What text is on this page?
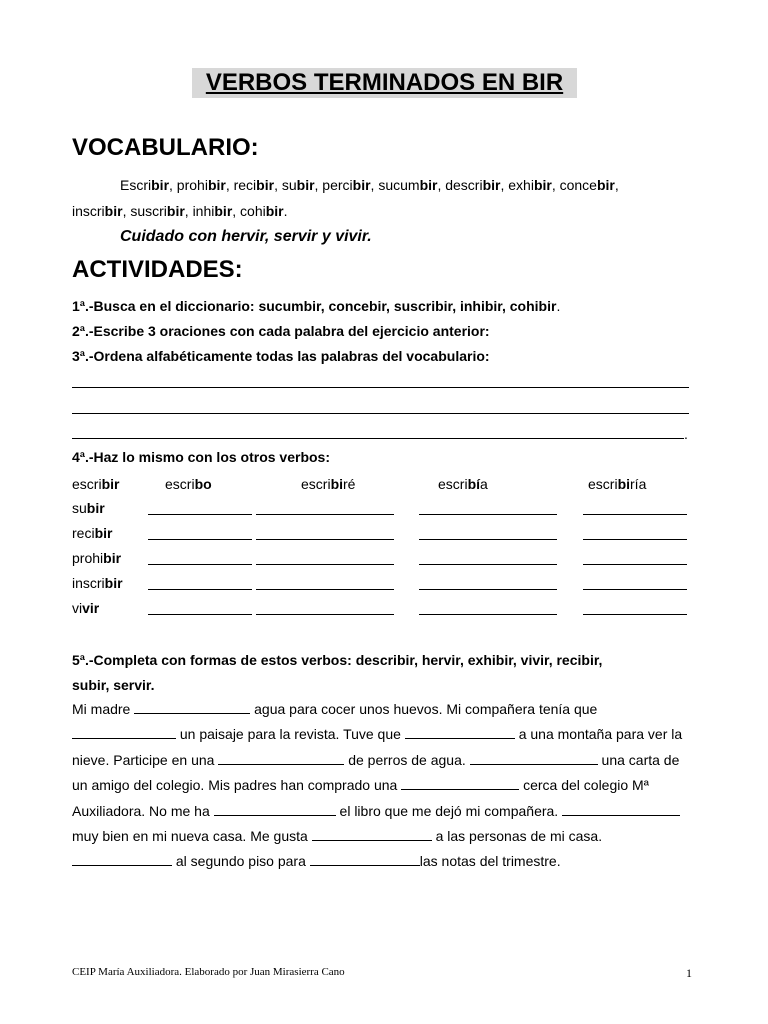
VERBOS TERMINADOS EN BIR
VOCABULARIO:
Escribir, prohibir, recibir, subir, percibir, sucumbir, describir, exhibir, concebir,
inscribir, suscribir, inhibir, cohibir.
Cuidado con hervir, servir y vivir.
ACTIVIDADES:
1ª.-Busca en el diccionario: sucumbir, concebir, suscribir, inhibir, cohibir.
2ª.-Escribe 3 oraciones con cada palabra del ejercicio anterior:
3ª.-Ordena alfabéticamente todas las palabras del vocabulario:
.
4ª.-Haz lo mismo con los otros verbos:
escribir	escribo	escribiré	escribía	escribiría
subir
recibir
prohibir
inscribir
vivir
5ª.-Completa con formas de estos verbos: describir, hervir, exhibir, vivir, recibir,
subir, servir.
Mi madre	agua para cocer unos huevos. Mi compañera tenía que  un paisaje para la revista. Tuve que	a una montaña para ver la nieve. Participe en una	de perros de agua.	una carta de un amigo del colegio. Mis padres han comprado una	cerca del colegio Mª Auxiliadora. No me ha	el libro que me dejó mi compañera.  muy bien en mi nueva casa. Me gusta	a las personas de mi casa.  al segundo piso para	las notas del trimestre.
CEIP María Auxiliadora. Elaborado por Juan Mirasierra Cano	1
